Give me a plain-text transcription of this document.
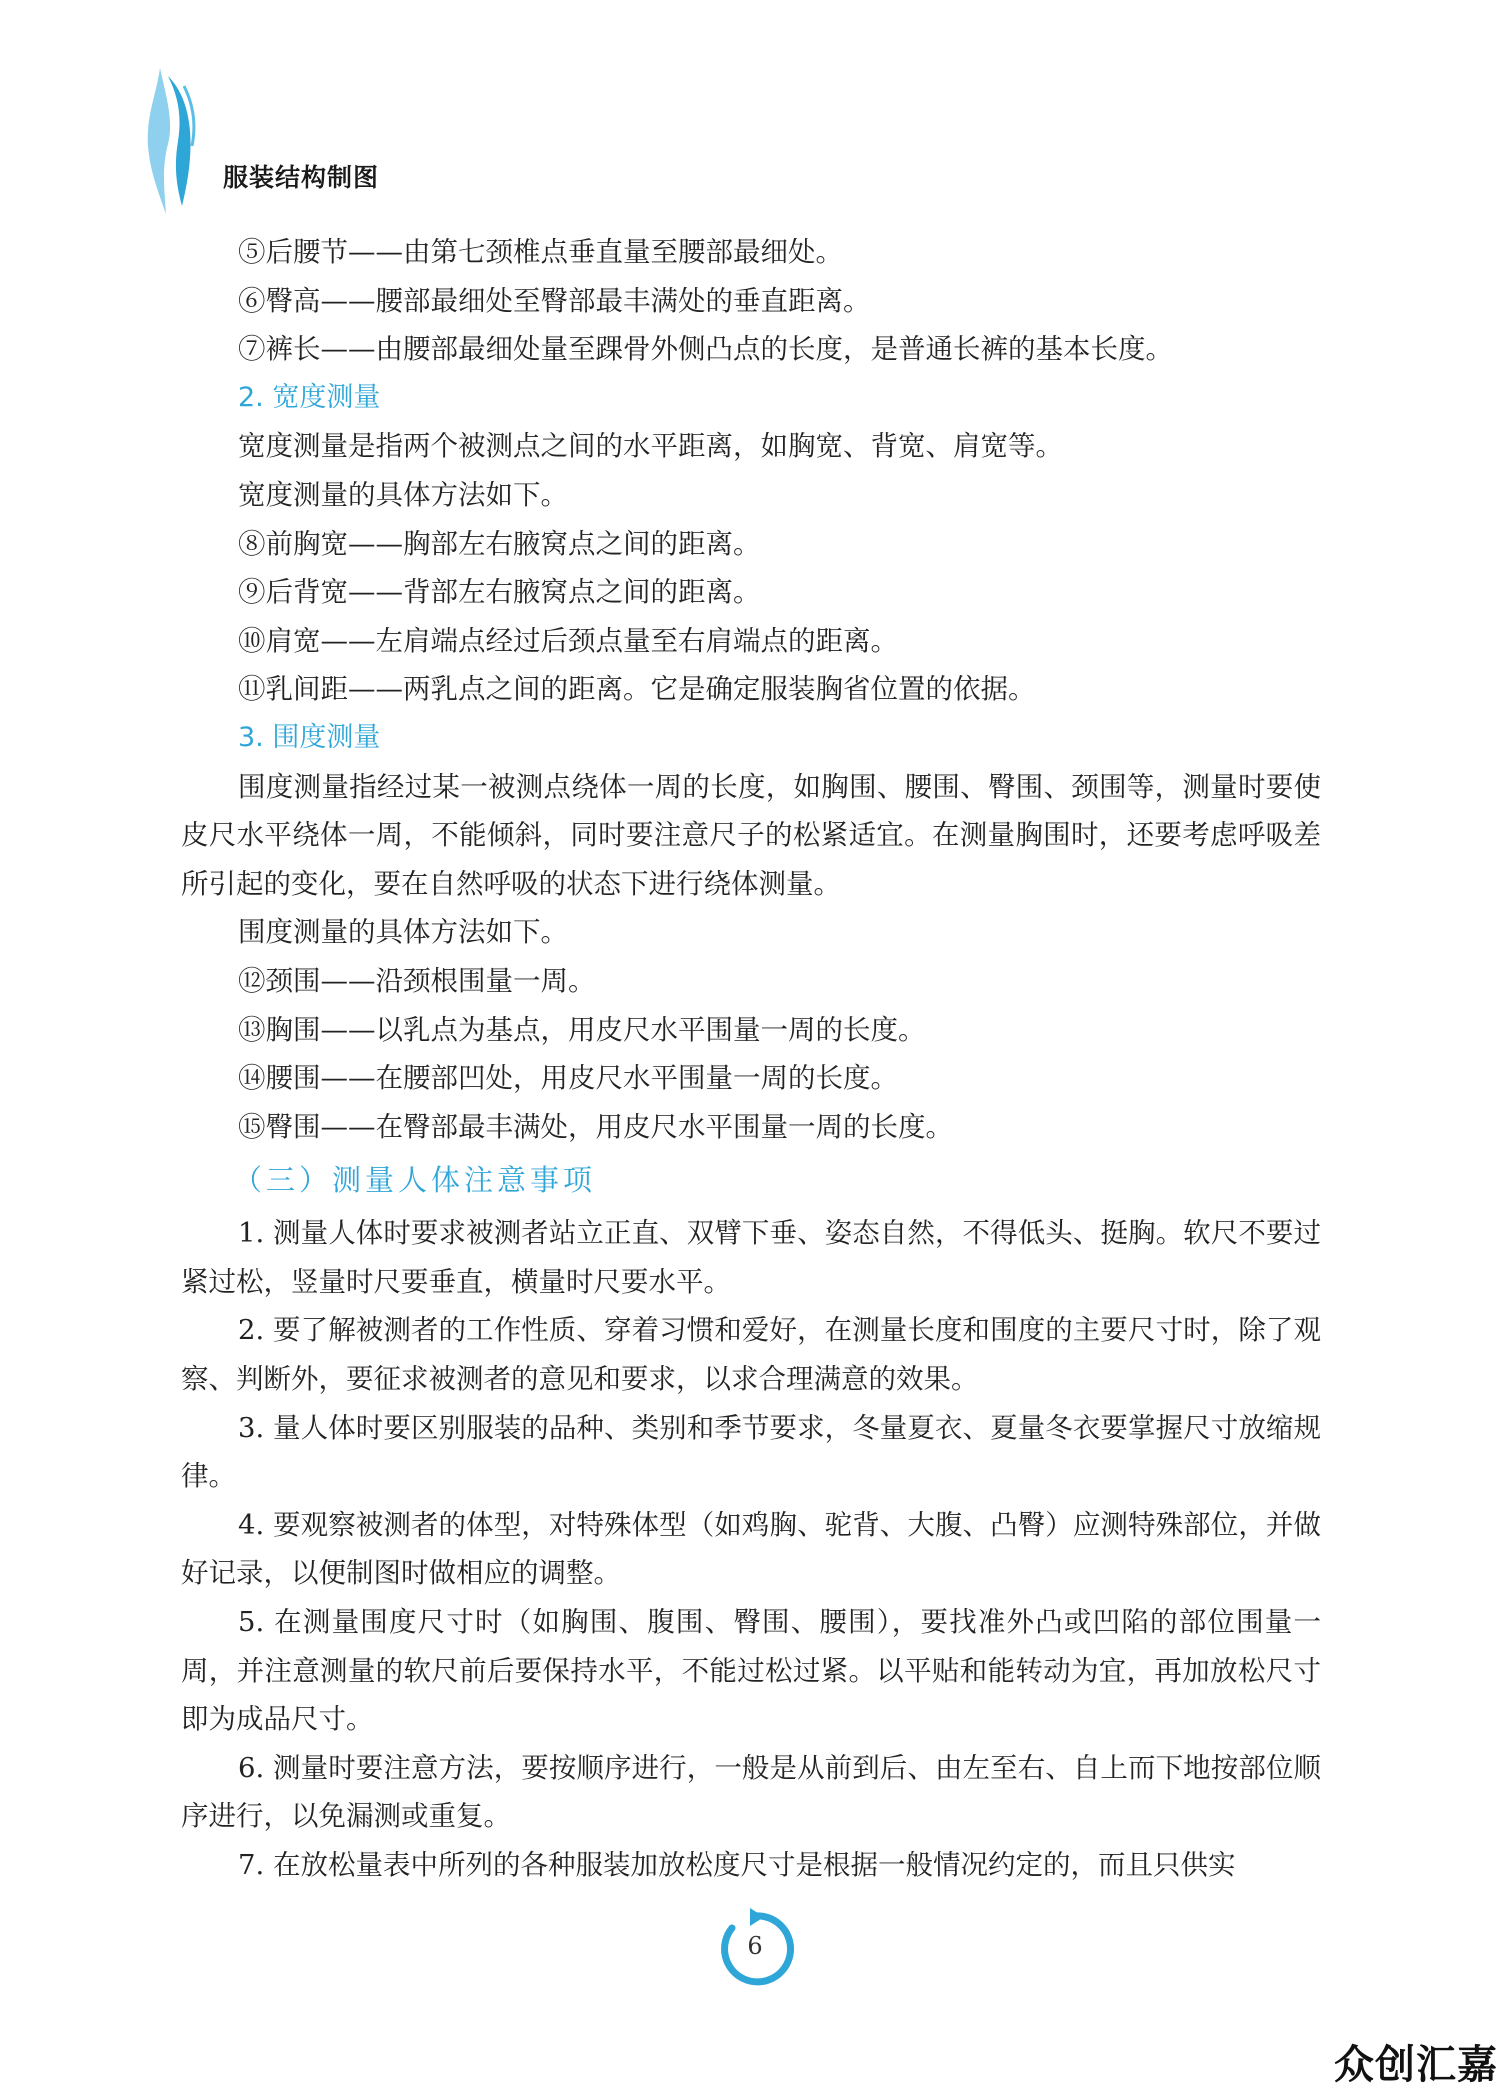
服装结构制图

⑤后腰节——由第七颈椎点垂直量至腰部最细处。

⑥臀高——腰部最细处至臀部最丰满处的垂直距离。

⑦裤长——由腰部最细处量至踝骨外侧凸点的长度，是普通长裤的基本长度。

2. 宽度测量

宽度测量是指两个被测点之间的水平距离，如胸宽、背宽、肩宽等。

宽度测量的具体方法如下。

⑧前胸宽——胸部左右腋窝点之间的距离。

⑨后背宽——背部左右腋窝点之间的距离。

⑩肩宽——左肩端点经过后颈点量至右肩端点的距离。

⑪乳间距——两乳点之间的距离。它是确定服装胸省位置的依据。

3. 围度测量

围度测量指经过某一被测点绕体一周的长度，如胸围、腰围、臀围、颈围等，测量时要使皮尺水平绕体一周，不能倾斜，同时要注意尺子的松紧适宜。在测量胸围时，还要考虑呼吸差所引起的变化，要在自然呼吸的状态下进行绕体测量。

围度测量的具体方法如下。

⑫颈围——沿颈根围量一周。

⑬胸围——以乳点为基点，用皮尺水平围量一周的长度。

⑭腰围——在腰部凹处，用皮尺水平围量一周的长度。

⑮臀围——在臀部最丰满处，用皮尺水平围量一周的长度。

（三）测量人体注意事项

1. 测量人体时要求被测者站立正直、双臂下垂、姿态自然，不得低头、挺胸。软尺不要过紧过松，竖量时尺要垂直，横量时尺要水平。

2. 要了解被测者的工作性质、穿着习惯和爱好，在测量长度和围度的主要尺寸时，除了观察、判断外，要征求被测者的意见和要求，以求合理满意的效果。

3. 量人体时要区别服装的品种、类别和季节要求，冬量夏衣、夏量冬衣要掌握尺寸放缩规律。

4. 要观察被测者的体型，对特殊体型（如鸡胸、驼背、大腹、凸臀）应测特殊部位，并做好记录，以便制图时做相应的调整。

5. 在测量围度尺寸时（如胸围、腹围、臀围、腰围），要找准外凸或凹陷的部位围量一周，并注意测量的软尺前后要保持水平，不能过松过紧。以平贴和能转动为宜，再加放松尺寸即为成品尺寸。

6. 测量时要注意方法，要按顺序进行，一般是从前到后、由左至右、自上而下地按部位顺序进行，以免漏测或重复。

7. 在放松量表中所列的各种服装加放松度尺寸是根据一般情况约定的，而且只供实

6
众创汇嘉
